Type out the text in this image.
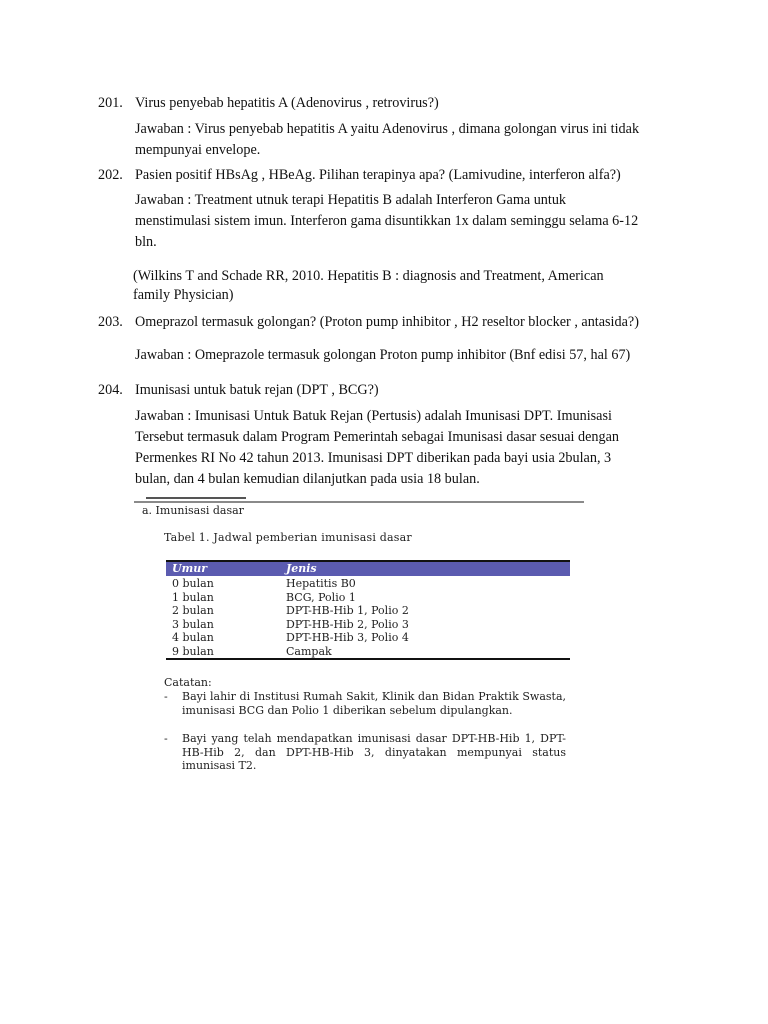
201. Virus penyebab hepatitis A (Adenovirus , retrovirus?)
Jawaban : Virus penyebab hepatitis A yaitu Adenovirus , dimana golongan virus ini tidak
mempunyai envelope.
202. Pasien positif HBsAg , HBeAg. Pilihan terapinya apa? (Lamivudine, interferon alfa?)
Jawaban : Treatment utnuk terapi Hepatitis B adalah Interferon Gama untuk
menstimulasi sistem imun. Interferon gama disuntikkan 1x dalam seminggu selama 6-12
bln.
(Wilkins T and Schade RR, 2010. Hepatitis B : diagnosis and Treatment, American
family Physician)
203. Omeprazol termasuk golongan? (Proton pump inhibitor , H2 reseltor blocker , antasida?)
Jawaban : Omeprazole termasuk golongan Proton pump inhibitor (Bnf edisi 57, hal 67)
204. Imunisasi untuk batuk rejan (DPT , BCG?)
Jawaban : Imunisasi Untuk Batuk Rejan (Pertusis) adalah Imunisasi DPT. Imunisasi
Tersebut termasuk dalam Program Pemerintah sebagai Imunisasi dasar sesuai dengan
Permenkes RI No 42 tahun 2013. Imunisasi DPT diberikan pada bayi usia 2bulan, 3
bulan, dan 4 bulan kemudian dilanjutkan pada usia 18 bulan.
a. Imunisasi dasar
Tabel 1. Jadwal pemberian imunisasi dasar
Umur	Jenis
0 bulan	Hepatitis B0
1 bulan	BCG, Polio 1
2 bulan	DPT-HB-Hib 1, Polio 2
3 bulan	DPT-HB-Hib 2, Polio 3
4 bulan	DPT-HB-Hib 3, Polio 4
9 bulan	Campak
Catatan:
- Bayi lahir di Institusi Rumah Sakit, Klinik dan Bidan Praktik Swasta, imunisasi BCG dan Polio 1 diberikan sebelum dipulangkan.
- Bayi yang telah mendapatkan imunisasi dasar DPT-HB-Hib 1, DPT-HB-Hib 2, dan DPT-HB-Hib 3, dinyatakan mempunyai status imunisasi T2.
